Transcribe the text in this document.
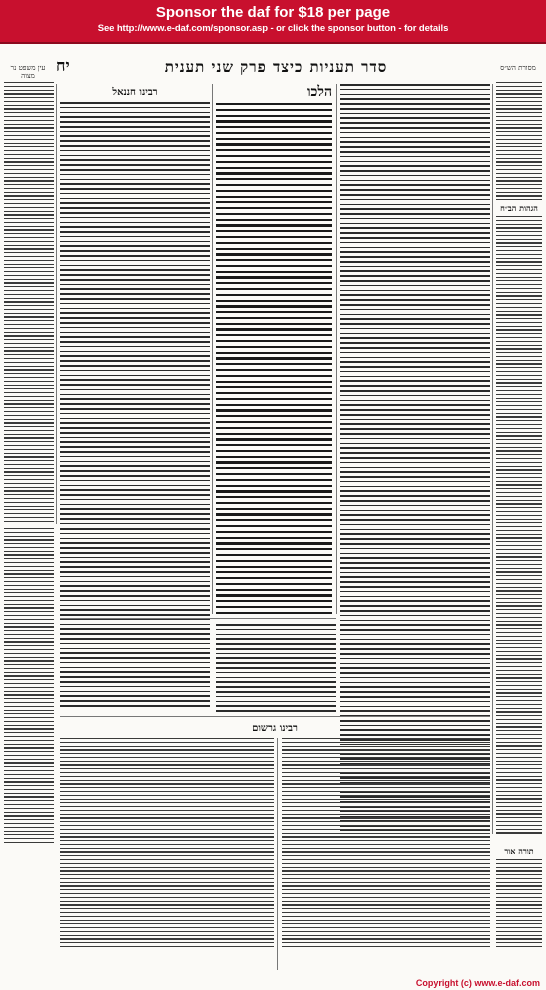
Sponsor the daf for $18 per page
See http://www.e-daf.com/sponsor.asp - or click the sponsor button - for details
מסורת הש״ס
עין משפט נר מצוה	סדר תעניות כיצד פרק שני תענית
יח
רבינו חננאל	הלכו
הגהות הב״ח
רבינו גרשום
תורה אור
Copyright (c) www.e-daf.com
